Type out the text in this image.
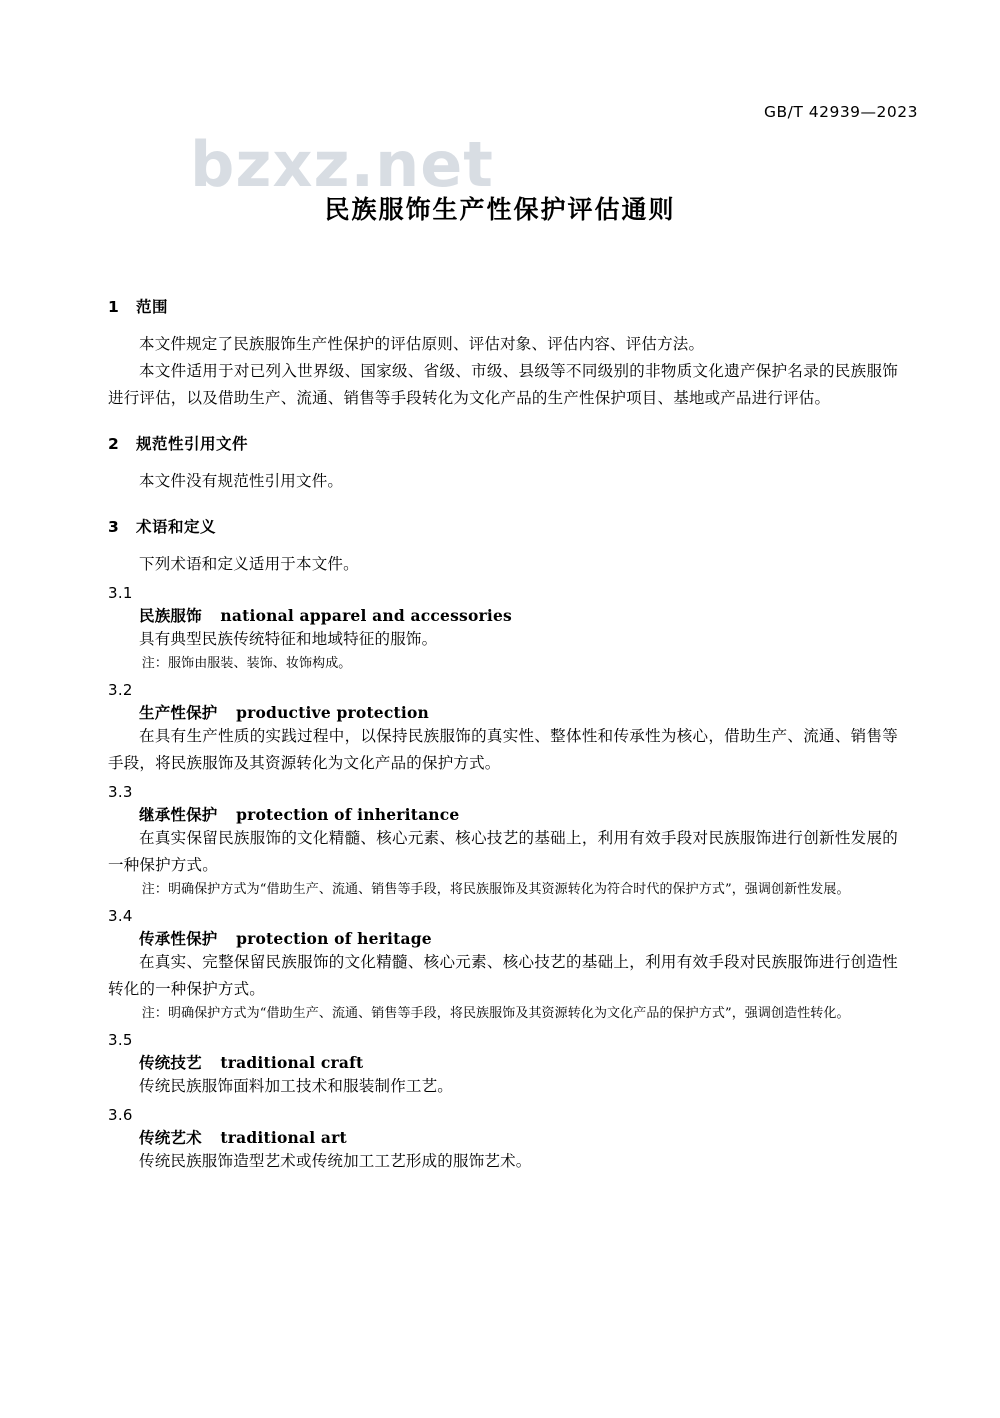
bzxz.net
GB/T 42939—2023
民族服饰生产性保护评估通则
1 范围

本文件规定了民族服饰生产性保护的评估原则、评估对象、评估内容、评估方法。

本文件适用于对已列入世界级、国家级、省级、市级、县级等不同级别的非物质文化遗产保护名录的民族服饰进行评估，以及借助生产、流通、销售等手段转化为文化产品的生产性保护项目、基地或产品进行评估。

2 规范性引用文件

本文件没有规范性引用文件。

3 术语和定义

下列术语和定义适用于本文件。

3.1
民族服饰 national apparel and accessories
具有典型民族传统特征和地域特征的服饰。
注：服饰由服装、装饰、妆饰构成。
3.2
生产性保护 productive protection
在具有生产性质的实践过程中，以保持民族服饰的真实性、整体性和传承性为核心，借助生产、流通、销售等手段，将民族服饰及其资源转化为文化产品的保护方式。
3.3
继承性保护 protection of inheritance
在真实保留民族服饰的文化精髓、核心元素、核心技艺的基础上，利用有效手段对民族服饰进行创新性发展的一种保护方式。
注：明确保护方式为“借助生产、流通、销售等手段，将民族服饰及其资源转化为符合时代的保护方式”，强调创新性发展。
3.4
传承性保护 protection of heritage
在真实、完整保留民族服饰的文化精髓、核心元素、核心技艺的基础上，利用有效手段对民族服饰进行创造性转化的一种保护方式。
注：明确保护方式为“借助生产、流通、销售等手段，将民族服饰及其资源转化为文化产品的保护方式”，强调创造性转化。
3.5
传统技艺 traditional craft
传统民族服饰面料加工技术和服装制作工艺。
3.6
传统艺术 traditional art
传统民族服饰造型艺术或传统加工工艺形成的服饰艺术。
